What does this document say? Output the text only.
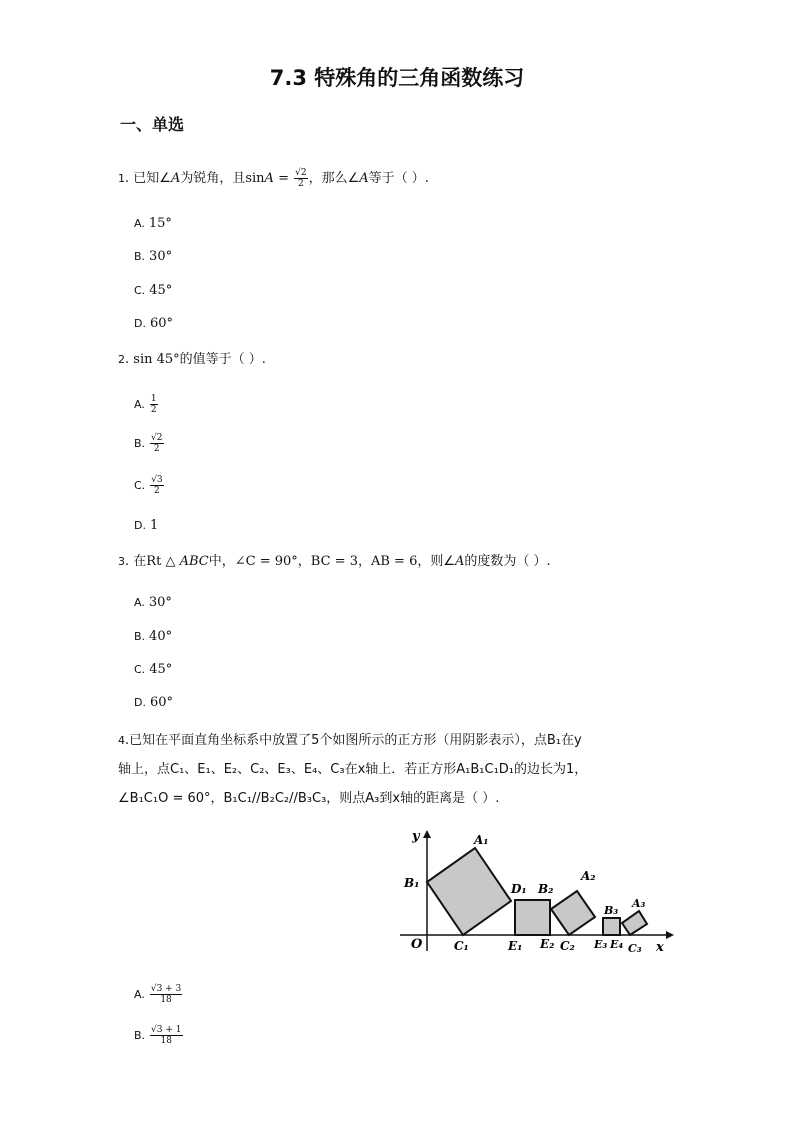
7.3 特殊角的三角函数练习
一、单选
1. 已知∠A为锐角，且$\sin A = \frac{√2}{2}$ ，那么∠A等于（ ）.
A. 15°
B. 30°
C. 45°
D. 60°
2. sin 45°的值等于（ ）.
A. $\frac{1}{2}$
B. $\frac{√2}{2}$
C. $\frac{√3}{2}$
D. 1
3. 在Rt △ ABC中，∠C = 90°，BC = 3，AB = 6，则∠A的度数为（ ）.
A. 30°
B. 40°
C. 45°
D. 60°
4.已知在平面直角坐标系中放置了5个如图所示的正方形（用阴影表示），点B₁在y
轴上，点C₁、E₁、E₂、C₂、E₃、E₄、C₃在x轴上．若正方形A₁B₁C₁D₁的边长为1，
∠B₁C₁O = 60°，B₁C₁//B₂C₂//B₃C₃，则点A₃到x轴的距离是（ ）.
y
x
O
A₁
B₁
C₁
D₁
E₁
B₂
A₂
E₂ C₂
B₃
A₃
E₃ E₄ C₃
A. $\frac{√3 + 3}{18}$
B. $\frac{√3 + 1}{18}$
